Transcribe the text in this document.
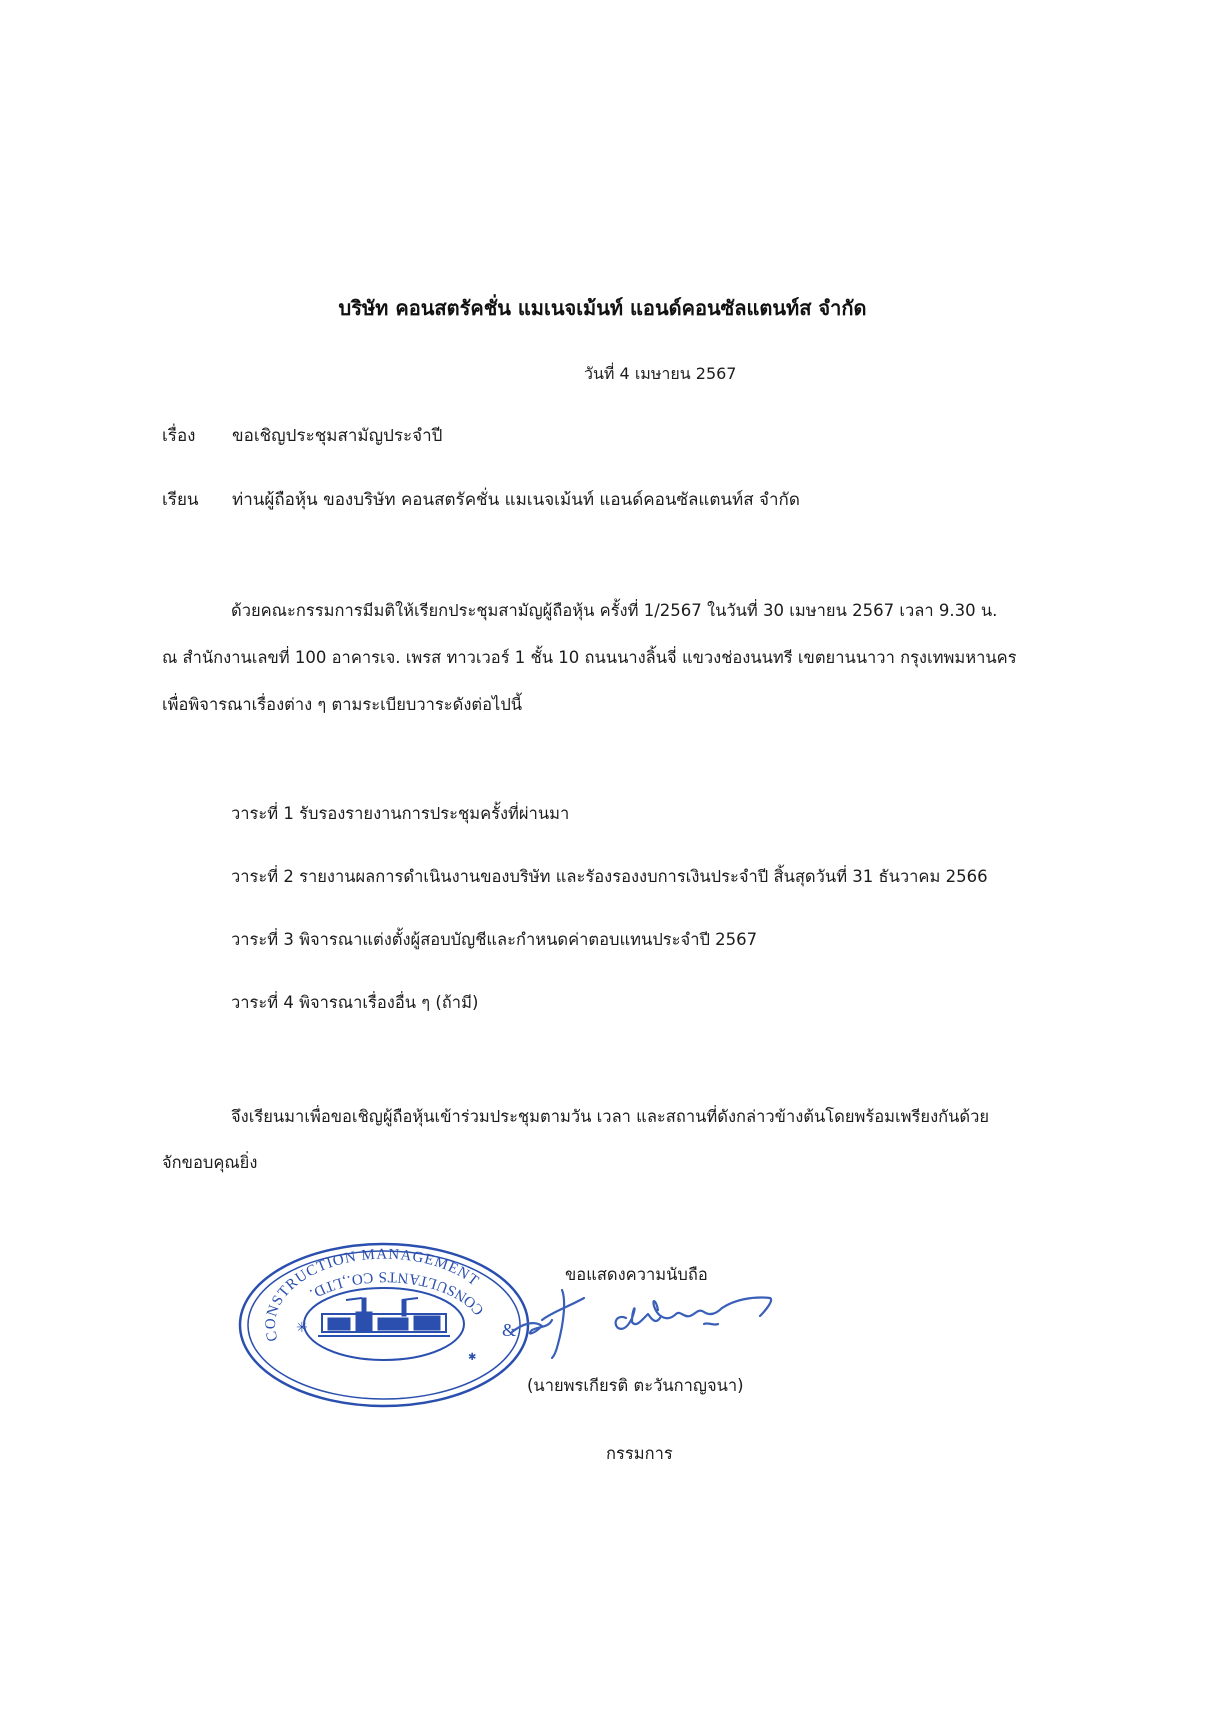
บริษัท คอนสตรัคชั่น แมเนจเม้นท์ แอนด์คอนซัลแตนท์ส จำกัด
วันที่ 4 เมษายน 2567
เรื่อง ขอเชิญประชุมสามัญประจำปี
เรียน ท่านผู้ถือหุ้น ของบริษัท คอนสตรัคชั่น แมเนจเม้นท์ แอนด์คอนซัลแตนท์ส จำกัด
ด้วยคณะกรรมการมีมติให้เรียกประชุมสามัญผู้ถือหุ้น ครั้งที่ 1/2567 ในวันที่ 30 เมษายน 2567 เวลา 9.30 น.
ณ สำนักงานเลขที่ 100 อาคารเจ. เพรส ทาวเวอร์ 1 ชั้น 10 ถนนนางลิ้นจี่ แขวงช่องนนทรี เขตยานนาวา กรุงเทพมหานคร
เพื่อพิจารณาเรื่องต่าง ๆ ตามระเบียบวาระดังต่อไปนี้
วาระที่ 1 รับรองรายงานการประชุมครั้งที่ผ่านมา
วาระที่ 2 รายงานผลการดำเนินงานของบริษัท และรัองรองงบการเงินประจำปี สิ้นสุดวันที่ 31 ธันวาคม 2566
วาระที่ 3 พิจารณาแต่งตั้งผู้สอบบัญชีและกำหนดค่าตอบแทนประจำปี 2567
วาระที่ 4 พิจารณาเรื่องอื่น ๆ (ถ้ามี)
จึงเรียนมาเพื่อขอเชิญผู้ถือหุ้นเข้าร่วมประชุมตามวัน เวลา และสถานที่ดังกล่าวข้างต้นโดยพร้อมเพรียงกันด้วย
จักขอบคุณยิ่ง
ขอแสดงความนับถือ
CONSTRUCTION MANAGEMENT
CONSULTANTS CO.,LTD.
&
✳
✱
(นายพรเกียรติ ตะวันกาญจนา)
กรรมการ
